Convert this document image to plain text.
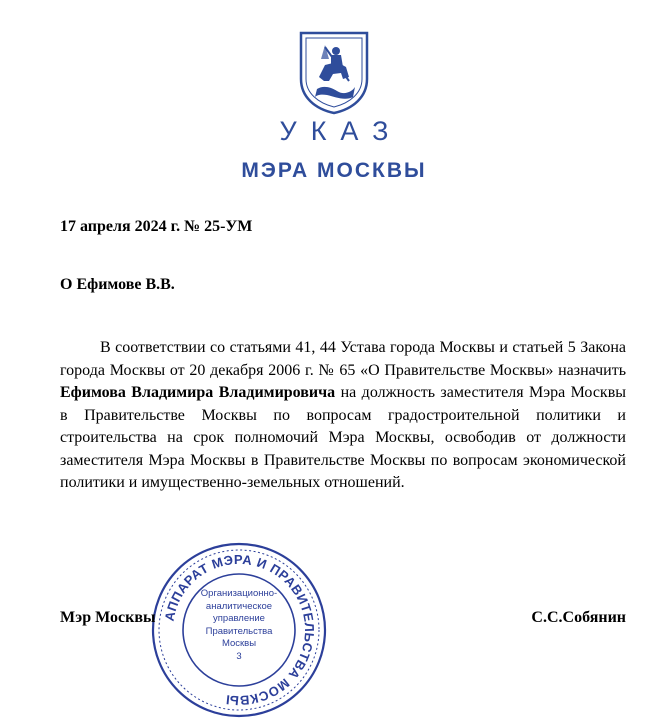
УКАЗ
МЭРА МОСКВЫ
17 апреля 2024 г. № 25-УМ
О Ефимове В.В.

В соответствии со статьями 41, 44 Устава города Москвы и статьей 5 Закона города Москвы от 20 декабря 2006 г. № 65 «О Правительстве Москвы» назначить Ефимова Владимира Владимировича на должность заместителя Мэра Москвы в Правительстве Москвы по вопросам градостроительной политики и строительства на срок полномочий Мэра Москвы, освободив от должности заместителя Мэра Москвы в Правительстве Москвы по вопросам экономической политики и имущественно-земельных отношений.

АППАРАТ МЭРА И ПРАВИТЕЛЬСТВА МОСКВЫ
Организационно-
аналитическое
управление
Правительства
Москвы
3
Мэр Москвы	С.С.Собянин
